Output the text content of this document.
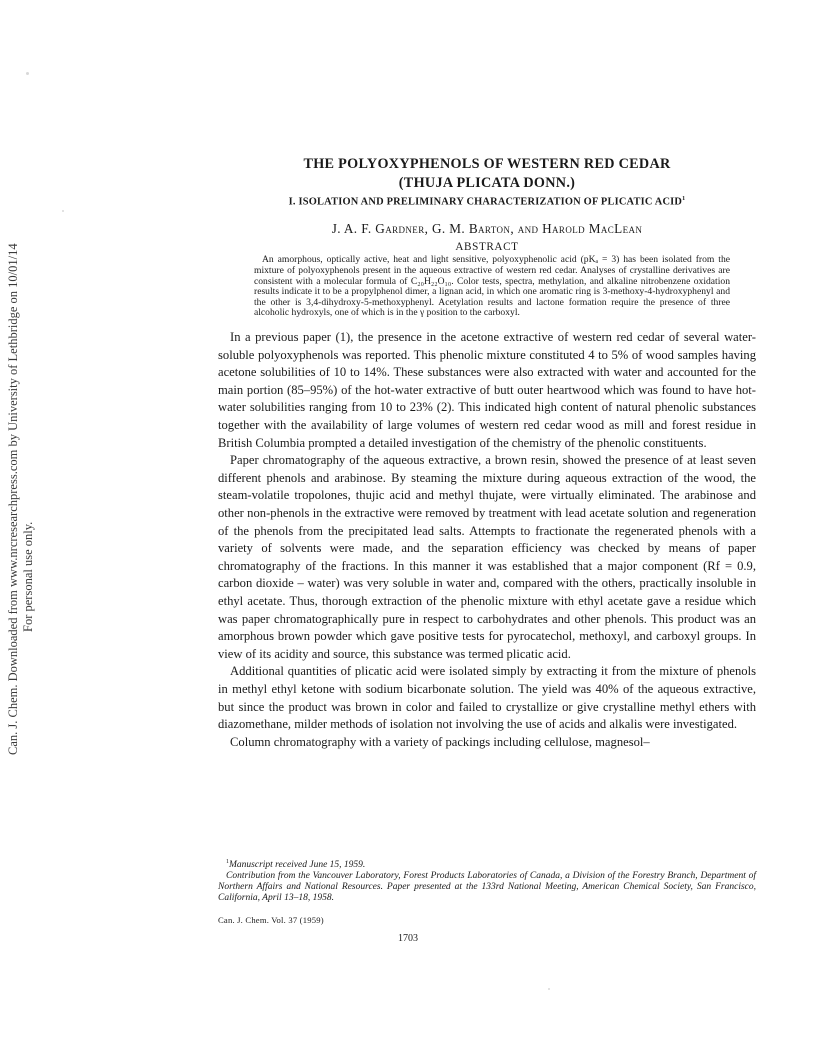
Can. J. Chem. Downloaded from www.nrcresearchpress.com by University of Lethbridge on 10/01/14 For personal use only.
THE POLYOXYPHENOLS OF WESTERN RED CEDAR
(THUJA PLICATA DONN.)

I. ISOLATION AND PRELIMINARY CHARACTERIZATION OF PLICATIC ACID$^1$

J. A. F. Gardner, G. M. Barton, and Harold MacLean

ABSTRACT

An amorphous, optically active, heat and light sensitive, polyoxyphenolic acid (pKₐ = 3) has been isolated from the mixture of polyoxyphenols present in the aqueous extractive of western red cedar. Analyses of crystalline derivatives are consistent with a molecular formula of C₂₀H₂₂O₁₀. Color tests, spectra, methylation, and alkaline nitrobenzene oxidation results indicate it to be a propylphenol dimer, a lignan acid, in which one aromatic ring is 3-methoxy-4-hydroxyphenyl and the other is 3,4-dihydroxy-5-methoxyphenyl. Acetylation results and lactone formation require the presence of three alcoholic hydroxyls, one of which is in the γ position to the carboxyl.

In a previous paper (1), the presence in the acetone extractive of western red cedar of several water-soluble polyoxyphenols was reported. This phenolic mixture constituted 4 to 5% of wood samples having acetone solubilities of 10 to 14%. These substances were also extracted with water and accounted for the main portion (85–95%) of the hot-water extractive of butt outer heartwood which was found to have hot-water solubilities ranging from 10 to 23% (2). This indicated high content of natural phenolic substances together with the availability of large volumes of western red cedar wood as mill and forest residue in British Columbia prompted a detailed investigation of the chemistry of the phenolic constituents.

Paper chromatography of the aqueous extractive, a brown resin, showed the presence of at least seven different phenols and arabinose. By steaming the mixture during aqueous extraction of the wood, the steam-volatile tropolones, thujic acid and methyl thujate, were virtually eliminated. The arabinose and other non-phenols in the extractive were removed by treatment with lead acetate solution and regeneration of the phenols from the precipitated lead salts. Attempts to fractionate the regenerated phenols with a variety of solvents were made, and the separation efficiency was checked by means of paper chromatography of the fractions. In this manner it was established that a major component (Rf = 0.9, carbon dioxide – water) was very soluble in water and, compared with the others, practically insoluble in ethyl acetate. Thus, thorough extraction of the phenolic mixture with ethyl acetate gave a residue which was paper chromatographically pure in respect to carbohydrates and other phenols. This product was an amorphous brown powder which gave positive tests for pyrocatechol, methoxyl, and carboxyl groups. In view of its acidity and source, this substance was termed plicatic acid.

Additional quantities of plicatic acid were isolated simply by extracting it from the mixture of phenols in methyl ethyl ketone with sodium bicarbonate solution. The yield was 40% of the aqueous extractive, but since the product was brown in color and failed to crystallize or give crystalline methyl ethers with diazomethane, milder methods of isolation not involving the use of acids and alkalis were investigated.

Column chromatography with a variety of packings including cellulose, magnesol–

$^1$Manuscript received June 15, 1959.

Contribution from the Vancouver Laboratory, Forest Products Laboratories of Canada, a Division of the Forestry Branch, Department of Northern Affairs and National Resources. Paper presented at the 133rd National Meeting, American Chemical Society, San Francisco, California, April 13–18, 1958.

Can. J. Chem. Vol. 37 (1959)
1703
